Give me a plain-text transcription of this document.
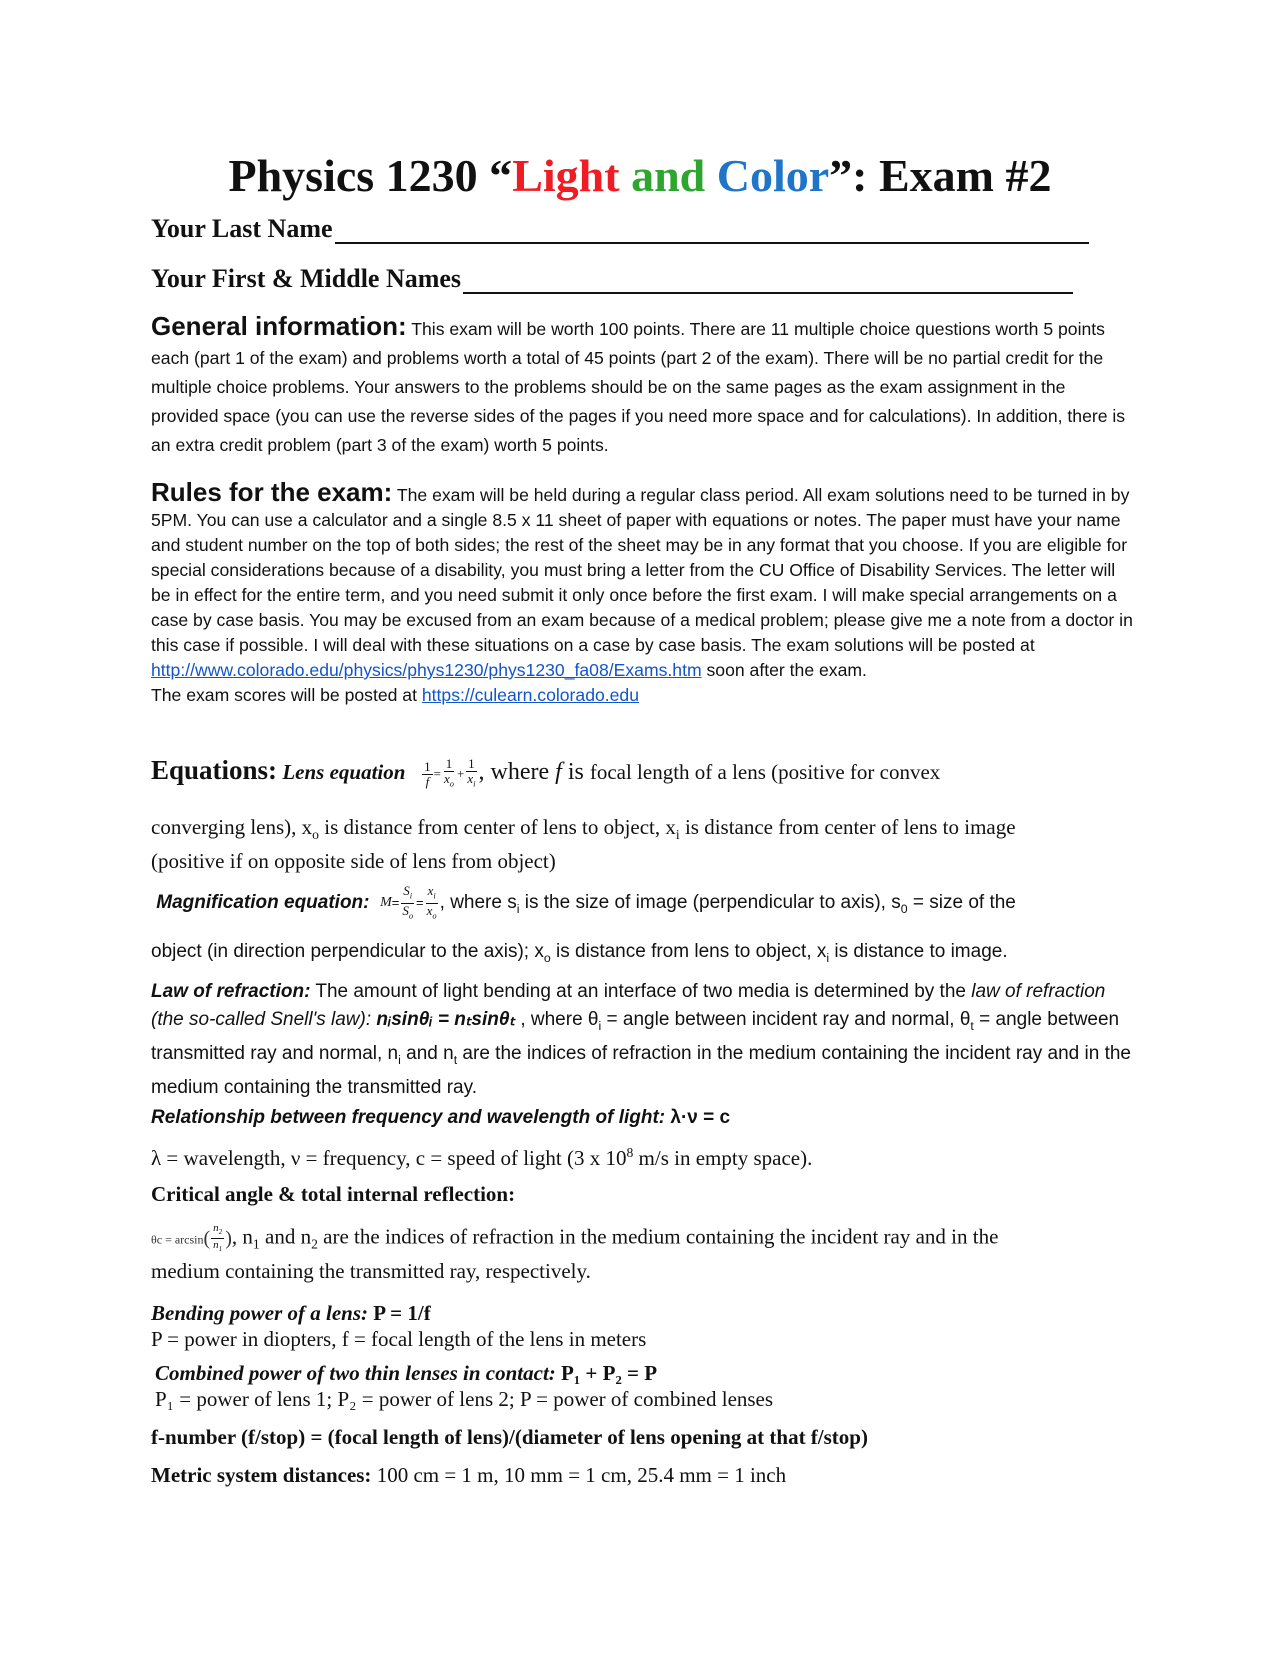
Physics 1230 “Light and Color”: Exam #2
Your Last Name
Your First & Middle Names
General information: This exam will be worth 100 points. There are 11 multiple choice questions worth 5 points each (part 1 of the exam) and problems worth a total of 45 points (part 2 of the exam). There will be no partial credit for the multiple choice problems. Your answers to the problems should be on the same pages as the exam assignment in the provided space (you can use the reverse sides of the pages if you need more space and for calculations). In addition, there is an extra credit problem (part 3 of the exam) worth 5 points.
Rules for the exam: The exam will be held during a regular class period. All exam solutions need to be turned in by 5PM. You can use a calculator and a single 8.5 x 11 sheet of paper with equations or notes. The paper must have your name and student number on the top of both sides; the rest of the sheet may be in any format that you choose. If you are eligible for special considerations because of a disability, you must bring a letter from the CU Office of Disability Services. The letter will be in effect for the entire term, and you need submit it only once before the first exam. I will make special arrangements on a case by case basis. You may be excused from an exam because of a medical problem; please give me a note from a doctor in this case if possible. I will deal with these situations on a case by case basis. The exam solutions will be posted at
http://www.colorado.edu/physics/phys1230/phys1230_fa08/Exams.htm soon after the exam.
The exam scores will be posted at https://culearn.colorado.edu
Equations: Lens equation $\frac{1}{f} = \frac{1}{x_o} + \frac{1}{x_i}$ , where f is focal length of a lens (positive for convex
converging lens), $x_o$ is distance from center of lens to object, $x_i$ is distance from center of lens to image
(positive if on opposite side of lens from object)
Magnification equation: $M= \frac{S_i}{S_o} = \frac{x_i}{x_o}$ , where $s_i$ is the size of image (perpendicular to axis), $s_0$ = size of the
object (in direction perpendicular to the axis); $x_o$ is distance from lens to object, $x_i$ is distance to image.
Law of refraction: The amount of light bending at an interface of two media is determined by the law of refraction (the so-called Snell's law): nᵢsinθᵢ = nₜsinθₜ , where $\theta_i$ = angle between incident ray and normal, $\theta_t$ = angle between transmitted ray and normal, $n_i$ and $n_t$ are the indices of refraction in the medium containing the incident ray and in the medium containing the transmitted ray.
Relationship between frequency and wavelength of light: λ·ν = c
λ = wavelength, ν = frequency, c = speed of light (3 x $10^8$ m/s in empty space).
Critical angle & total internal reflection:
$\theta c = \arcsin( \frac{n_2}{n_1}$ ), $n_1$ and $n_2$ are the indices of refraction in the medium containing the incident ray and in the
medium containing the transmitted ray, respectively.
Bending power of a lens: P = 1/f
P = power in diopters, f = focal length of the lens in meters
Combined power of two thin lenses in contact: P₁ + P₂ = P
P₁ = power of lens 1; P₂ = power of lens 2; P = power of combined lenses
f-number (f/stop) = (focal length of lens)/(diameter of lens opening at that f/stop)
Metric system distances: 100 cm = 1 m, 10 mm = 1 cm, 25.4 mm = 1 inch
